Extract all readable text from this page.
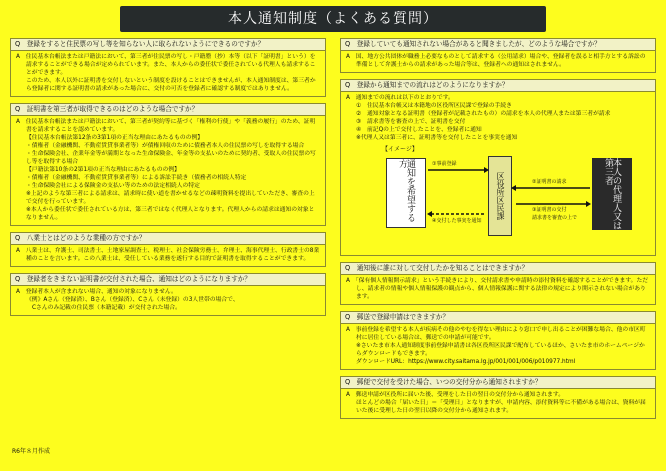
本人通知制度（よくある質問）
Q　登録をすると住民票の写し等を知らない人に取られないようにできるのですか？

A　住民基本台帳法または戸籍法において、第三者が住民票の写し・戸籍謄（抄）本等（以下「証明書」という）を請求することができる場合が定められています。また、本人からの委任状で委任されている代理人も請求することができます。

このため、本人以外に証明書を交付しないという制度を設けることはできませんが、本人通知制度は、第三者から登録者に関する証明書の請求があった場合に、交付の可否を登録者に確認する制度ではありません。

Q　証明書を第三者が取得できるのはどのような場合ですか？

A　住民基本台帳法または戸籍法において、第三者が契約等に基づく「権利の行使」や「義務の履行」のため、証明書を請求することを認めています。

【住民基本台帳法第12条の3第1項の正当な理由にあたるものの例】

・債権者（金融機関、不動産賃貸事業者等）が債権回収のために債務者本人の住民票の写しを取得する場合

・生命保険会社、企業年金等が満期となった生命保険金、年金等の支払いのために契約者、受取人の住民票の写し等を取得する場合

【戸籍法第10条の2第1項の正当な理由にあたるものの例】

・債権者（金融機関、不動産賃貸事業者等）による訴訟手続き（債務者の相続人特定

・生命保険会社による保険金の支払い等のための法定相続人の特定

※上記のような第三者による請求は、請求時に使い道を書かせるなどの疎明資料を提出していただき、審査の上で交付を行っています。

※本人から委任状で委任されている方は、第三者ではなく代理人となります。代理人からの請求は通知の対象となりません。

Q　八業士とはどのような業種の方ですか？

A　八業士は、弁護士、司法書士、土地家屋調査士、税理士、社会保険労務士、弁理士、海事代理士、行政書士の8業種のことを言います。この八業士は、受任している業務を遂行する目的で証明書を取得することができます。

Q　登録者をきまない証明書が交付された場合、通知はどのようになりますか？

A　登録者本人が含まれない場合、通知の対象になりません。

《例》Aさん（登録済）、Bさん（登録済）、Cさん（未登録）の3人世帯の場合で、

Cさんのみ記載の住民票（本籍記載）が交付された場合。

Q　登録していても通知されない場合があると聞きましたが、どのような場合ですか？

A　国、地方公共団体が職務上必要なものとして請求する（公用請求）場合や、登録者を誤ると相手方とする訴訟の準備として弁護士からの請求があった場合等は、登録者への通知はされません。

Q　登録から通知までの流れはどのようになりますか？

A　通知までの流れは以下のとおりです。

①　住民基本台帳又は本籍地の区役所区民課で登録の手続き

②　通知対象となる証明書（登録者が記載されたもの）の請求を本人の代理人または第三者が請求

③　請求書等を審査の上で、証明書を交付

④　前記Qの上で交付したことを、登録者に通知

※代理人又は第三者に、証明書等を交付したことを事実を通知

【イメージ】
通知を希望する方
区役所区民課	本人の代理人又は第三者
①事前登録
②証明書の請求
③証明書の交付
請求書を審査の上で
④交付した事実を通知
Q　通知後に誰に対して交付したかを知ることはできますか？

A　「保有個人情報開示請求」という手続きにより、交付請求書や申請時の添付資料を確認することができます。ただし、請求者の情報や個人情報保護の観点から、個人情報保護に関する法律の規定により開示されない場合があります。

Q　郵送で登録申請はできますか？

A　事前登録を希望する本人が疾病その他のやむを得ない理由により窓口で申し出ることが困難な場合、他の市区町村に居住している場合は、郵送での申請が可能です。

※さいたま市本人通知制度事前登録申請書は各区役所区民課で配布しているほか、さいたま市のホームページからダウンロードもできます。

ダウンロードURL：https://www.city.saitama.lg.jp/001/001/006/p010977.html

Q　郵便で交付を受けた場合、いつの交付分から通知されますか？

A　郵送申請が区役所に届いた後、受理をした日の翌日の交付分から通知されます。

ほとんどの場合「届いた日」＝「受理日」となりますが、申請内容、添付資料等に不備がある場合は、資料が届いた後に受理した日の翌日以降の交付分から通知されます。

R6年８月作成
